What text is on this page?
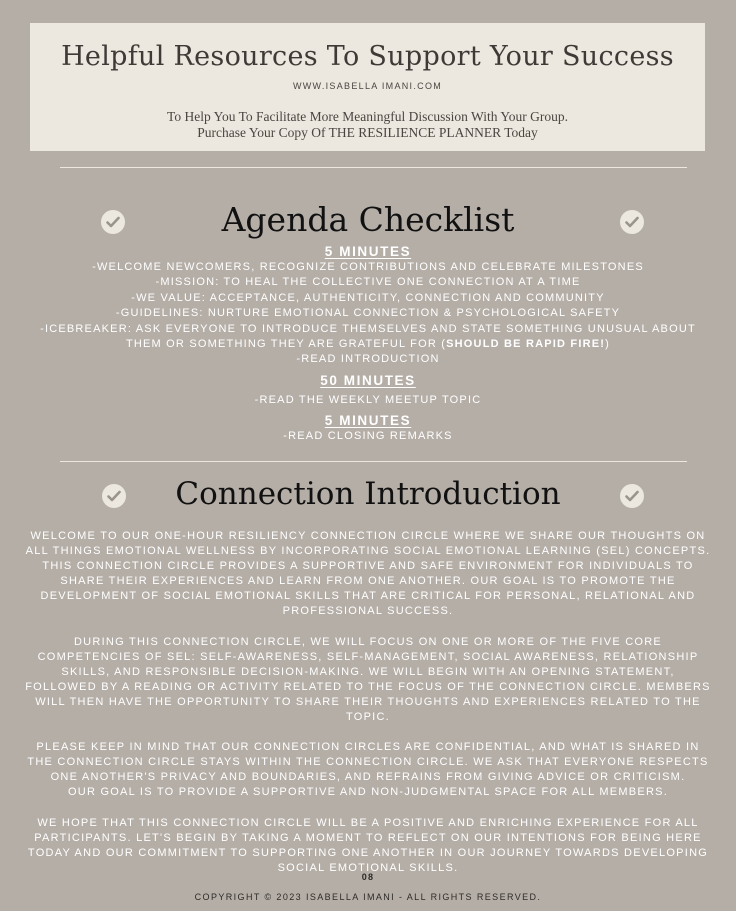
Helpful Resources To Support Your Success
WWW.ISABELLA IMANI.COM
To Help You To Facilitate More Meaningful Discussion With Your Group.
Purchase Your Copy Of THE RESILIENCE PLANNER Today
Agenda Checklist
5 MINUTES
-WELCOME NEWCOMERS, RECOGNIZE CONTRIBUTIONS AND CELEBRATE MILESTONES
-MISSION: TO HEAL THE COLLECTIVE ONE CONNECTION AT A TIME
-WE VALUE: ACCEPTANCE, AUTHENTICITY, CONNECTION AND COMMUNITY
-GUIDELINES: NURTURE EMOTIONAL CONNECTION & PSYCHOLOGICAL SAFETY
-ICEBREAKER: ASK EVERYONE TO INTRODUCE THEMSELVES AND STATE SOMETHING UNUSUAL ABOUT
THEM OR SOMETHING THEY ARE GRATEFUL FOR (SHOULD BE RAPID FIRE!)
-READ INTRODUCTION
50 MINUTES
-READ THE WEEKLY MEETUP TOPIC
5 MINUTES
-READ CLOSING REMARKS
Connection Introduction

WELCOME TO OUR ONE-HOUR RESILIENCY CONNECTION CIRCLE WHERE WE SHARE OUR THOUGHTS ON ALL THINGS EMOTIONAL WELLNESS BY INCORPORATING SOCIAL EMOTIONAL LEARNING (SEL) CONCEPTS. THIS CONNECTION CIRCLE PROVIDES A SUPPORTIVE AND SAFE ENVIRONMENT FOR INDIVIDUALS TO SHARE THEIR EXPERIENCES AND LEARN FROM ONE ANOTHER. OUR GOAL IS TO PROMOTE THE DEVELOPMENT OF SOCIAL EMOTIONAL SKILLS THAT ARE CRITICAL FOR PERSONAL, RELATIONAL AND PROFESSIONAL SUCCESS.

DURING THIS CONNECTION CIRCLE, WE WILL FOCUS ON ONE OR MORE OF THE FIVE CORE COMPETENCIES OF SEL: SELF-AWARENESS, SELF-MANAGEMENT, SOCIAL AWARENESS, RELATIONSHIP SKILLS, AND RESPONSIBLE DECISION-MAKING. WE WILL BEGIN WITH AN OPENING STATEMENT, FOLLOWED BY A READING OR ACTIVITY RELATED TO THE FOCUS OF THE CONNECTION CIRCLE. MEMBERS WILL THEN HAVE THE OPPORTUNITY TO SHARE THEIR THOUGHTS AND EXPERIENCES RELATED TO THE TOPIC.

PLEASE KEEP IN MIND THAT OUR CONNECTION CIRCLES ARE CONFIDENTIAL, AND WHAT IS SHARED IN THE CONNECTION CIRCLE STAYS WITHIN THE CONNECTION CIRCLE. WE ASK THAT EVERYONE RESPECTS ONE ANOTHER'S PRIVACY AND BOUNDARIES, AND REFRAINS FROM GIVING ADVICE OR CRITICISM.

OUR GOAL IS TO PROVIDE A SUPPORTIVE AND NON-JUDGMENTAL SPACE FOR ALL MEMBERS.

WE HOPE THAT THIS CONNECTION CIRCLE WILL BE A POSITIVE AND ENRICHING EXPERIENCE FOR ALL PARTICIPANTS. LET'S BEGIN BY TAKING A MOMENT TO REFLECT ON OUR INTENTIONS FOR BEING HERE TODAY AND OUR COMMITMENT TO SUPPORTING ONE ANOTHER IN OUR JOURNEY TOWARDS DEVELOPING SOCIAL EMOTIONAL SKILLS.

08
COPYRIGHT © 2023 ISABELLA IMANI - ALL RIGHTS RESERVED.
